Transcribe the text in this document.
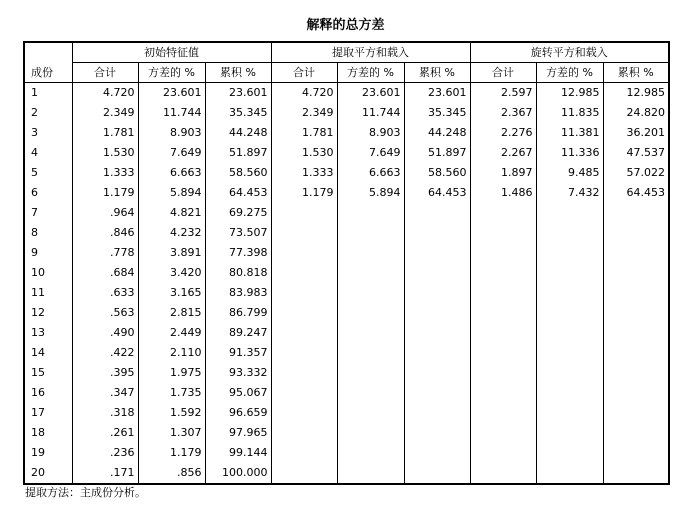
解释的总方差
成份	初始特征值			提取平方和载入			旋转平方和载入		
	合计	方差的 %	累积 %	合计	方差的 %	累积 %	合计	方差的 %	累积 %
1	4.720	23.601	23.601	4.720	23.601	23.601	2.597	12.985	12.985
2	2.349	11.744	35.345	2.349	11.744	35.345	2.367	11.835	24.820
3	1.781	8.903	44.248	1.781	8.903	44.248	2.276	11.381	36.201
4	1.530	7.649	51.897	1.530	7.649	51.897	2.267	11.336	47.537
5	1.333	6.663	58.560	1.333	6.663	58.560	1.897	9.485	57.022
6	1.179	5.894	64.453	1.179	5.894	64.453	1.486	7.432	64.453
7	.964	4.821	69.275						
8	.846	4.232	73.507						
9	.778	3.891	77.398						
10	.684	3.420	80.818						
11	.633	3.165	83.983						
12	.563	2.815	86.799						
13	.490	2.449	89.247						
14	.422	2.110	91.357						
15	.395	1.975	93.332						
16	.347	1.735	95.067						
17	.318	1.592	96.659						
18	.261	1.307	97.965						
19	.236	1.179	99.144						
20	.171	.856	100.000						
提取方法：主成份分析。
